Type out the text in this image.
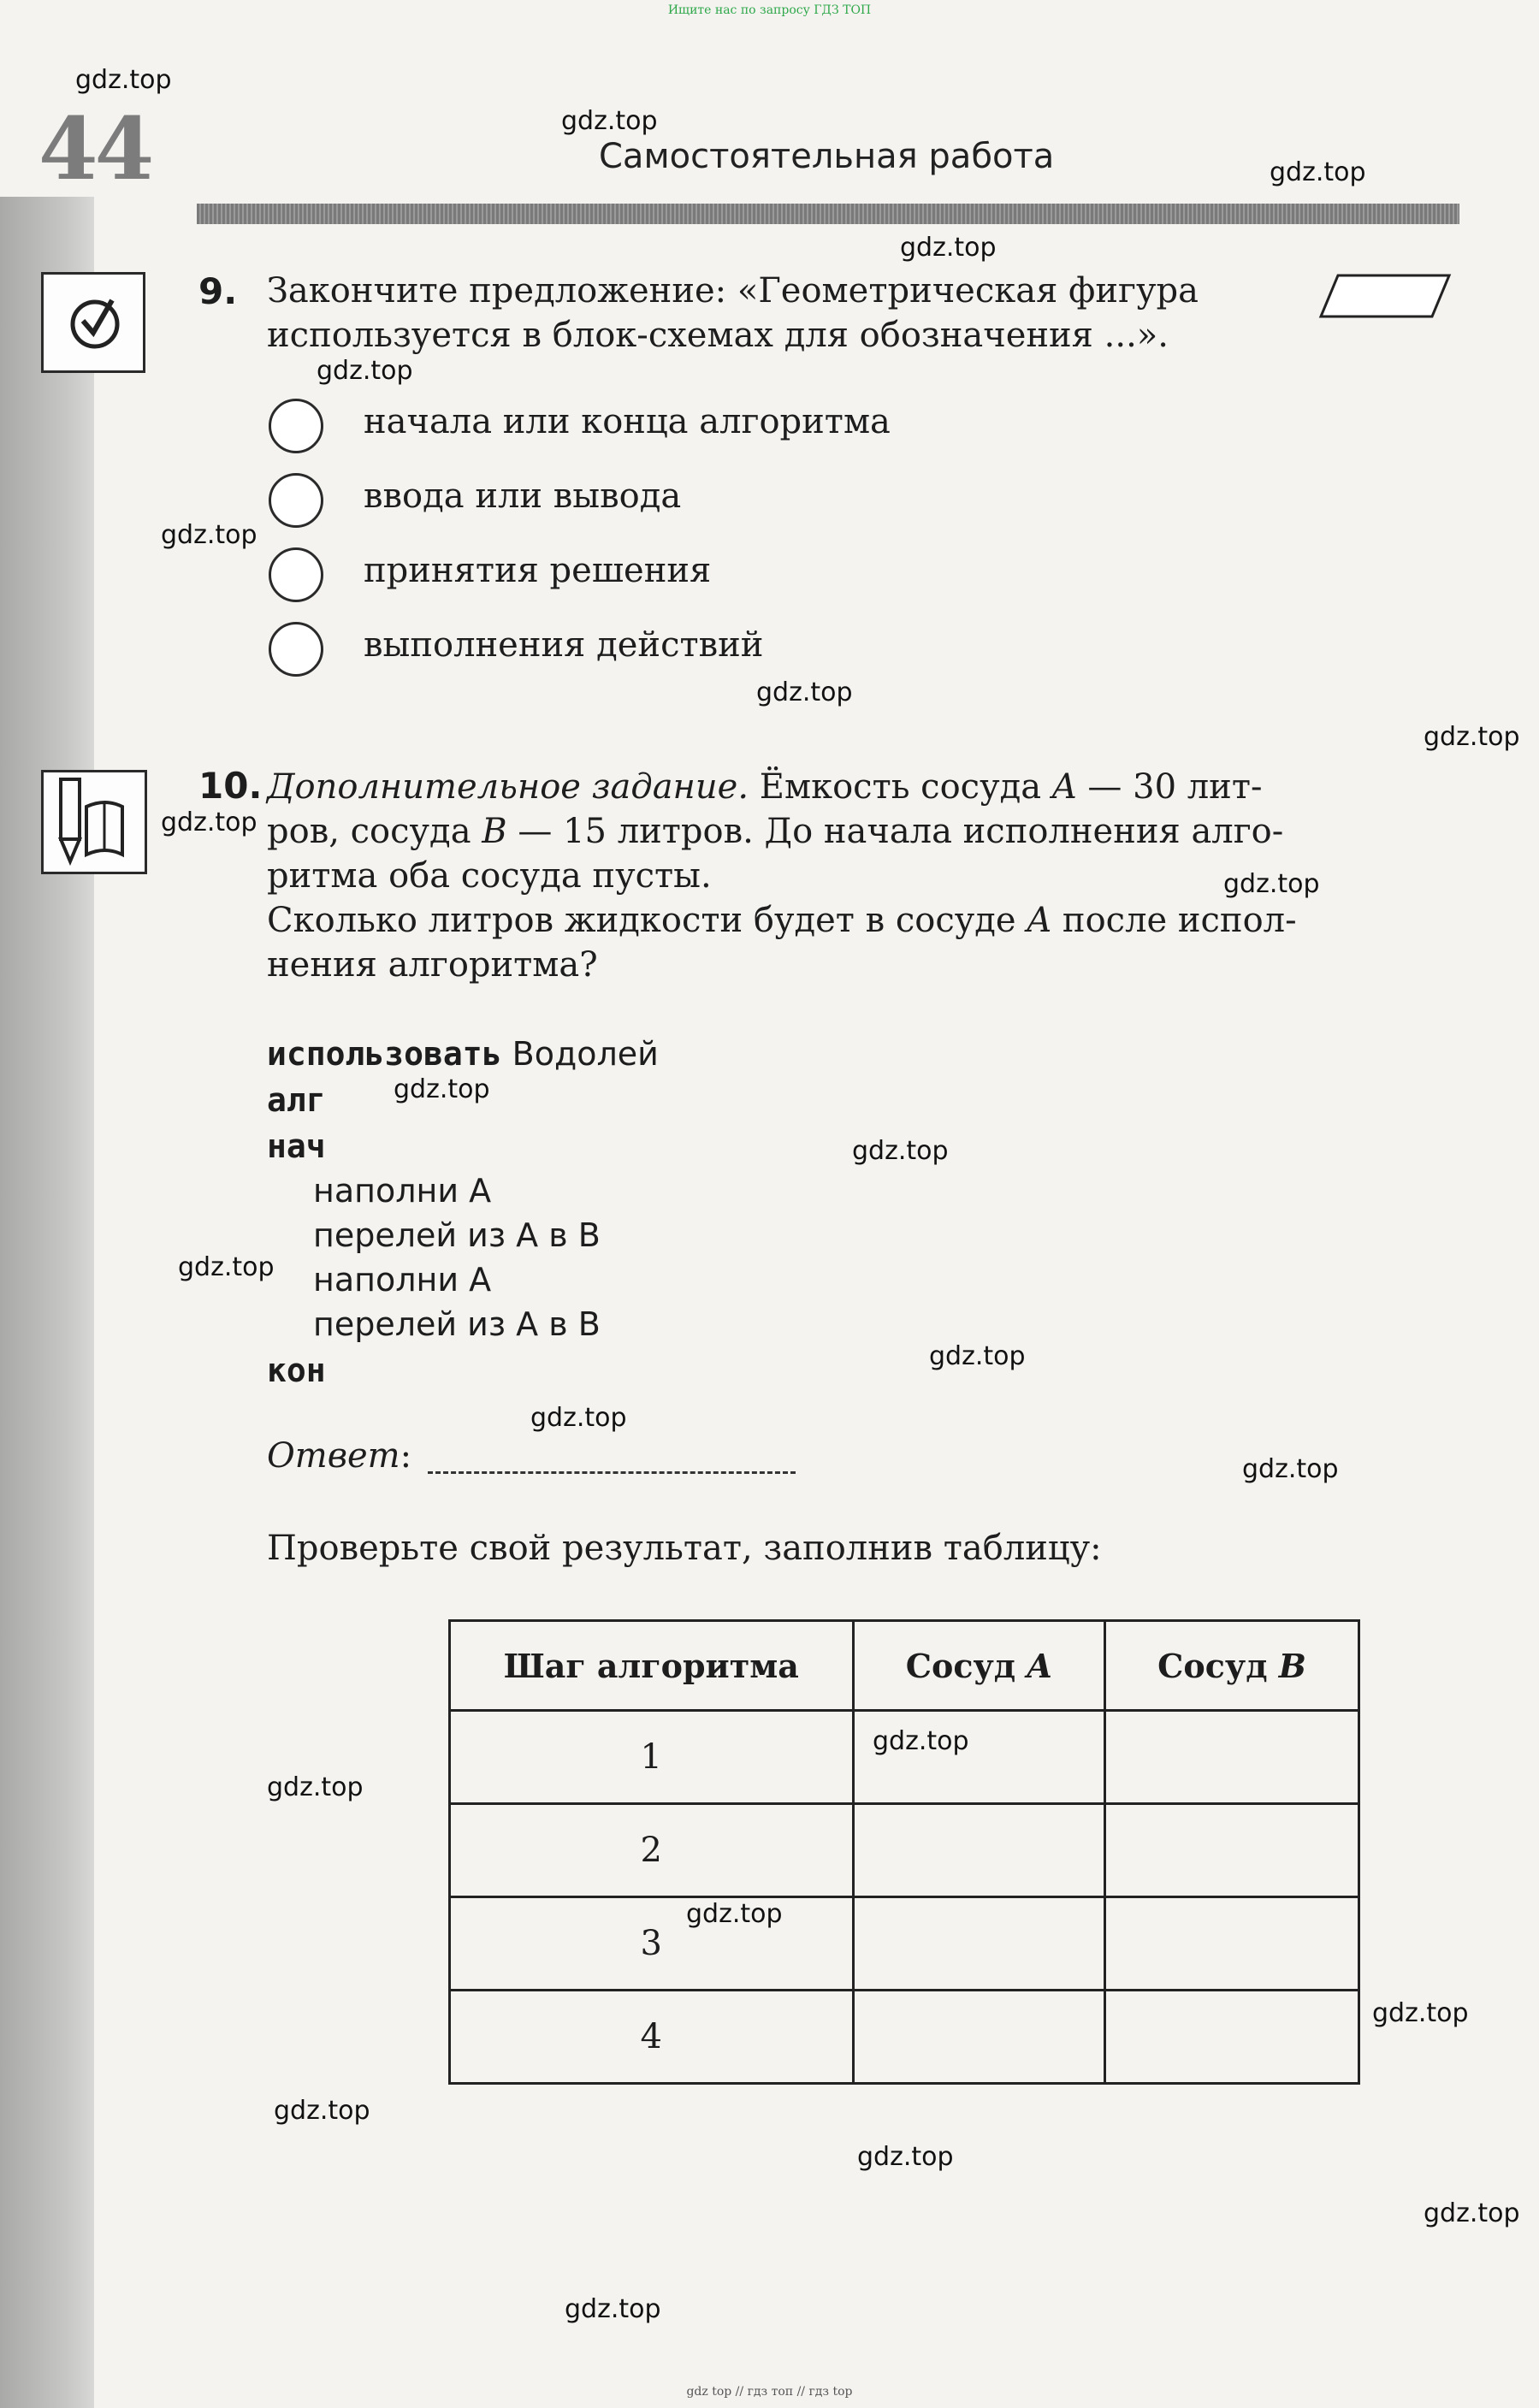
Ищите нас по запросу ГДЗ ТОП
44	Самостоятельная работа
9. Закончите предложение: «Геометрическая фигура
используется в блок-схемах для обозначения ...».
начала или конца алгоритма
ввода или вывода
принятия решения
выполнения действий
10. Дополнительное задание. Ёмкость сосуда A — 30 лит-
ров, сосуда B — 15 литров. До начала исполнения алго-
ритма оба сосуда пусты.
Сколько литров жидкости будет в сосуде A после испол-
нения алгоритма?
использовать Водолей
алг
нач
наполни A
перелей из A в B
наполни A
перелей из A в B
кон
Ответ:
Проверьте свой результат, заполнив таблицу:
Шаг алгоритма	Сосуд A	Сосуд B
1		
2		
3		
4		
gdz.top
gdz.top
gdz.top
gdz.top
gdz.top
gdz.top
gdz.top
gdz.top
gdz.top
gdz.top
gdz.top
gdz.top
gdz.top
gdz.top
gdz.top
gdz.top
gdz.top
gdz.top
gdz.top
gdz.top
gdz.top
gdz.top
gdz.top
gdz.top
gdz top // гдз топ // гдз top
